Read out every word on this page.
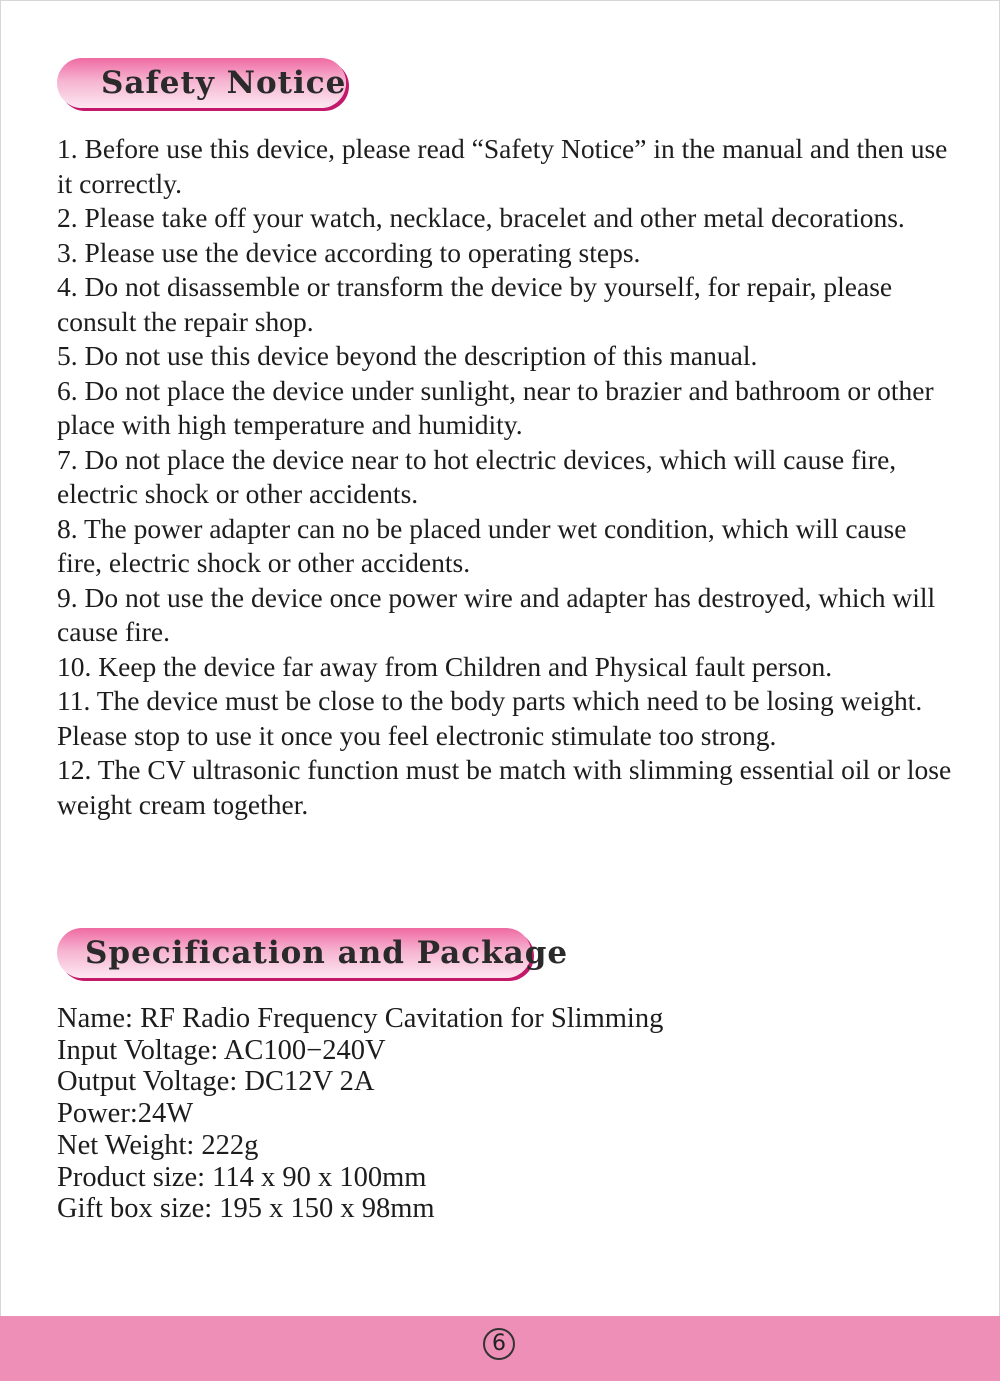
Safety Notice

1. Before use this device, please read “Safety Notice” in the manual and then use it correctly.

2. Please take off your watch, necklace, bracelet and other metal decorations.

3. Please use the device according to operating steps.

4. Do not disassemble or transform the device by yourself, for repair, please consult the repair shop.

5. Do not use this device beyond the description of this manual.

6. Do not place the device under sunlight, near to brazier and bathroom or other place with high temperature and humidity.

7. Do not place the device near to hot electric devices, which will cause fire, electric shock or other accidents.

8. The power adapter can no be placed under wet condition, which will cause fire, electric shock or other accidents.

9. Do not use the device once power wire and adapter has destroyed, which will cause fire.

10. Keep the device far away from Children and Physical fault person.

11. The device must be close to the body parts which need to be losing weight. Please stop to use it once you feel electronic stimulate too strong.

12. The CV ultrasonic function must be match with slimming essential oil or lose weight cream together.

Specification and Package

Name: RF Radio Frequency Cavitation for Slimming

Input Voltage: AC100−240V

Output Voltage: DC12V 2A

Power:24W

Net Weight: 222g

Product size: 114 x 90 x 100mm

Gift box size: 195 x 150 x 98mm

6
